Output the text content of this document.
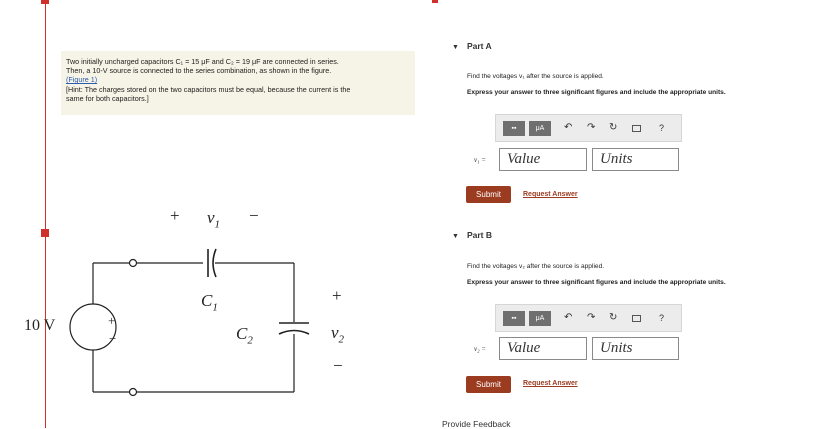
Two initially uncharged capacitors C₁ = 15 μF and C₂ = 19 μF are connected in series.
Then, a 10-V source is connected to the series combination, as shown in the figure.
(Figure 1)
[Hint: The charges stored on the two capacitors must be equal, because the current is the
same for both capacitors.]
+
−
10 V
+ $v_1$ −
$C_1$
$C_2$
+
$v_2$
−
▼ Part A
Find the voltages v₁ after the source is applied.
Express your answer to three significant figures and include the appropriate units.
▪▪	μA	↶ ↷ ↻	?
v₁ =	Value	Units
Submit	Request Answer
▼ Part B
Find the voltages v₂ after the source is applied.
Express your answer to three significant figures and include the appropriate units.
▪▪	μA	↶ ↷ ↻	?
v₂ =	Value	Units
Submit	Request Answer
Provide Feedback
